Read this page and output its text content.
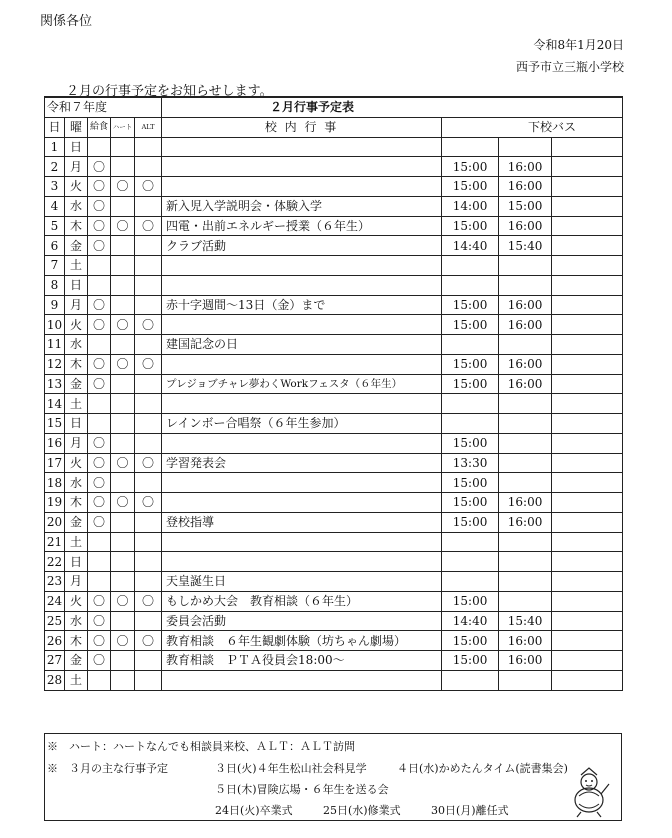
関係各位
令和8年1月20日
西予市立三瓶小学校
２月の行事予定をお知らせします。
令和７年度					２月行事予定表			
日	曜	給食	ハート	ALT	校 内 行 事	下校バス		
1	日							
2	月	〇				15:00	16:00	
3	火	〇	〇	〇		15:00	16:00	
4	水	〇			新入児入学説明会・体験入学	14:00	15:00	
5	木	〇	〇	〇	四電・出前エネルギー授業（６年生）	15:00	16:00	
6	金	〇			クラブ活動	14:40	15:40	
7	土							
8	日							
9	月	〇			赤十字週間～13日（金）まで	15:00	16:00	
10	火	〇	〇	〇		15:00	16:00	
11	水				建国記念の日			
12	木	〇	〇	〇		15:00	16:00	
13	金	〇			プレジョブチャレ夢わくWorkフェスタ（６年生）	15:00	16:00	
14	土							
15	日				レインボー合唱祭（６年生参加）			
16	月	〇				15:00		
17	火	〇	〇	〇	学習発表会	13:30		
18	水	〇				15:00		
19	木	〇	〇	〇		15:00	16:00	
20	金	〇			登校指導	15:00	16:00	
21	土							
22	日							
23	月				天皇誕生日			
24	火	〇	〇	〇	もしかめ大会　教育相談（６年生）	15:00		
25	水	〇			委員会活動	14:40	15:40	
26	木	〇	〇	〇	教育相談　６年生観劇体験（坊ちゃん劇場）	15:00	16:00	
27	金	〇			教育相談　ＰＴＡ役員会18:00～	15:00	16:00	
28	土							
※　ハート：ハートなんでも相談員来校、ＡＬＴ：ＡＬＴ訪問
※　３月の主な行事予定	３日(火)４年生松山社会科見学	４日(水)かめたんタイム(読書集会)
５日(木)冒険広場・６年生を送る会
24日(火)卒業式	25日(水)修業式	30日(月)離任式
